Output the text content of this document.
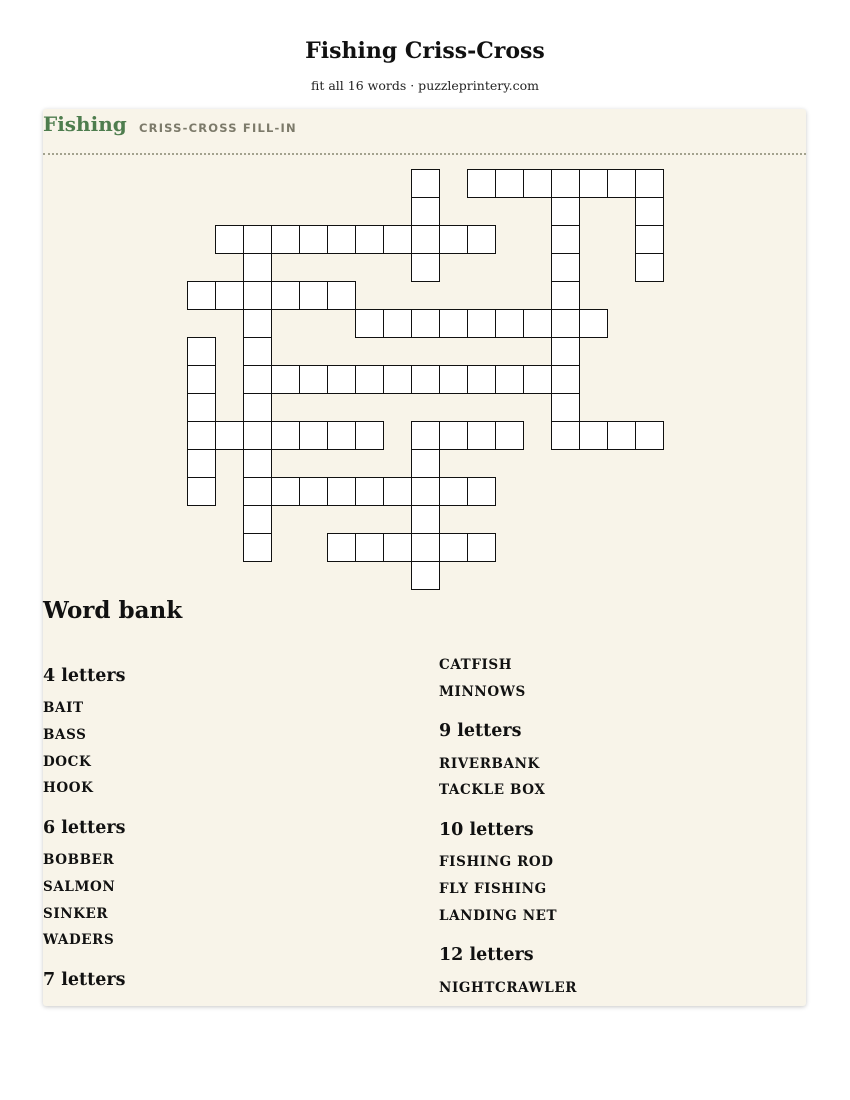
Fishing Criss-Cross
fit all 16 words · puzzleprintery.com
Fishing CRISS-CROSS FILL-IN
Word bank
4 letters
BAIT
BASS
DOCK
HOOK
6 letters
BOBBER
SALMON
SINKER
WADERS
7 letters
CATFISH
MINNOWS
9 letters
RIVERBANK
TACKLE BOX
10 letters
FISHING ROD
FLY FISHING
LANDING NET
12 letters
NIGHTCRAWLER
